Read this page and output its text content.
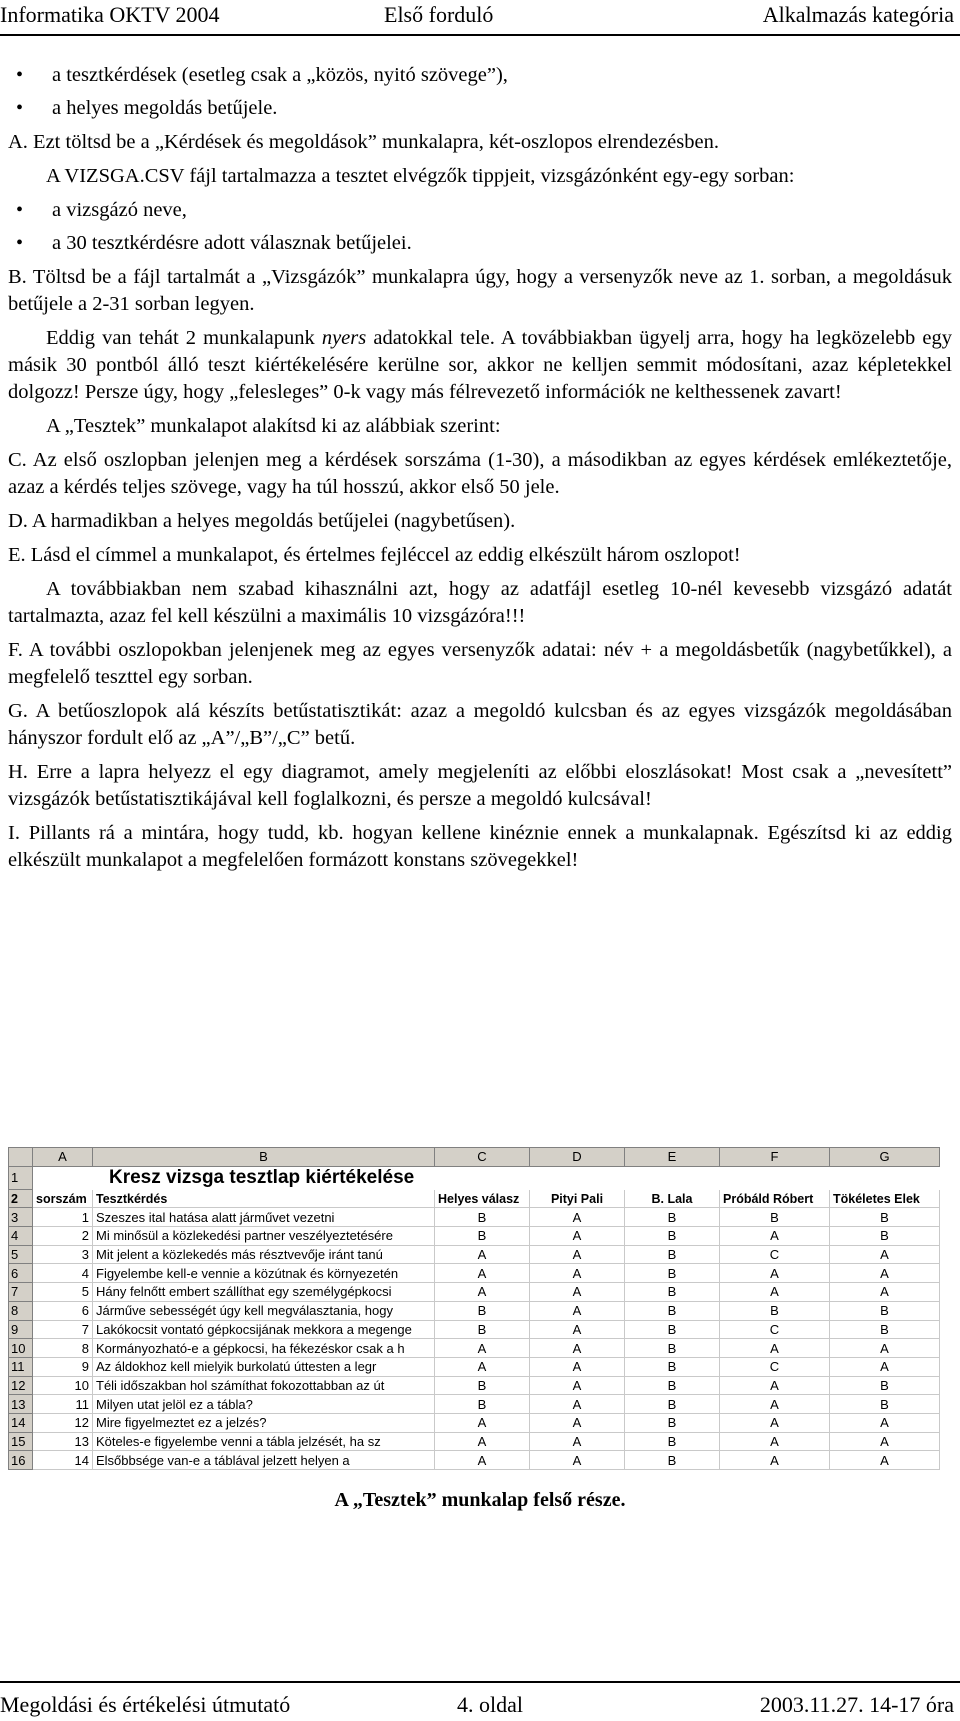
Informatika OKTV 2004	Első forduló	Alkalmazás kategória
• a tesztkérdések (esetleg csak a „közös, nyitó szövege”),
• a helyes megoldás betűjele.

A. Ezt töltsd be a „Kérdések és megoldások” munkalapra, két-oszlopos elrendezésben.

A VIZSGA.CSV fájl tartalmazza a tesztet elvégzők tippjeit, vizsgázónként egy-egy sorban:

• a vizsgázó neve,
• a 30 tesztkérdésre adott válasznak betűjelei.

B. Töltsd be a fájl tartalmát a „Vizsgázók” munkalapra úgy, hogy a versenyzők neve az 1. sorban, a megoldásuk betűjele a 2-31 sorban legyen.

Eddig van tehát 2 munkalapunk nyers adatokkal tele. A továbbiakban ügyelj arra, hogy ha legközelebb egy másik 30 pontból álló teszt kiértékelésére kerülne sor, akkor ne kelljen semmit módosítani, azaz képletekkel dolgozz! Persze úgy, hogy „felesleges” 0-k vagy más félrevezető információk ne kelthessenek zavart!

A „Tesztek” munkalapot alakítsd ki az alábbiak szerint:

C. Az első oszlopban jelenjen meg a kérdések sorszáma (1-30), a másodikban az egyes kérdések emlékeztetője, azaz a kérdés teljes szövege, vagy ha túl hosszú, akkor első 50 jele.

D. A harmadikban a helyes megoldás betűjelei (nagybetűsen).

E. Lásd el címmel a munkalapot, és értelmes fejléccel az eddig elkészült három oszlopot!

A továbbiakban nem szabad kihasználni azt, hogy az adatfájl esetleg 10-nél kevesebb vizsgázó adatát tartalmazta, azaz fel kell készülni a maximális 10 vizsgázóra!!!

F. A további oszlopokban jelenjenek meg az egyes versenyzők adatai: név + a megoldásbetűk (nagybetűkkel), a megfelelő teszttel egy sorban.

G. A betűoszlopok alá készíts betűstatisztikát: azaz a megoldó kulcsban és az egyes vizsgázók megoldásában hányszor fordult elő az „A”/„B”/„C” betű.

H. Erre a lapra helyezz el egy diagramot, amely megjeleníti az előbbi eloszlásokat! Most csak a „nevesített” vizsgázók betűstatisztikájával kell foglalkozni, és persze a megoldó kulcsával!

I. Pillants rá a mintára, hogy tudd, kb. hogyan kellene kinéznie ennek a munkalapnak. Egészítsd ki az eddig elkészült munkalapot a megfelelően formázott konstans szövegekkel!

	A	B	C	D	E	F	G
1	Kresz vizsga tesztlap kiértékelése						
2	sorszám	Tesztkérdés	Helyes válasz	Pityi Pali	B. Lala	Próbáld Róbert	Tökéletes Elek
3	1	Szeszes ital hatása alatt járművet vezetni	B	A	B	B	B
4	2	Mi minősül a közlekedési partner veszélyeztetésére	B	A	B	A	B
5	3	Mit jelent a közlekedés más résztvevője iránt tanú	A	A	B	C	A
6	4	Figyelembe kell-e vennie a közútnak és környezetén	A	A	B	A	A
7	5	Hány felnőtt embert szállíthat egy személygépkocsi	A	A	B	A	A
8	6	Járműve sebességét úgy kell megválasztania, hogy	B	A	B	B	B
9	7	Lakókocsit vontató gépkocsijának mekkora a megenge	B	A	B	C	B
10	8	Kormányozható-e a gépkocsi, ha fékezéskor csak a h	A	A	B	A	A
11	9	Az áldokhoz kell mielyik burkolatú úttesten a legr	A	A	B	C	A
12	10	Téli időszakban hol számíthat fokozottabban az út	B	A	B	A	B
13	11	Milyen utat jelöl ez a tábla?	B	A	B	A	B
14	12	Mire figyelmeztet ez a jelzés?	A	A	B	A	A
15	13	Köteles-e figyelembe venni a tábla jelzését, ha sz	A	A	B	A	A
16	14	Elsőbbsége van-e a táblával jelzett helyen a	A	A	B	A	A
A „Tesztek” munkalap felső része.
Megoldási és értékelési útmutató	4. oldal	2003.11.27. 14-17 óra
